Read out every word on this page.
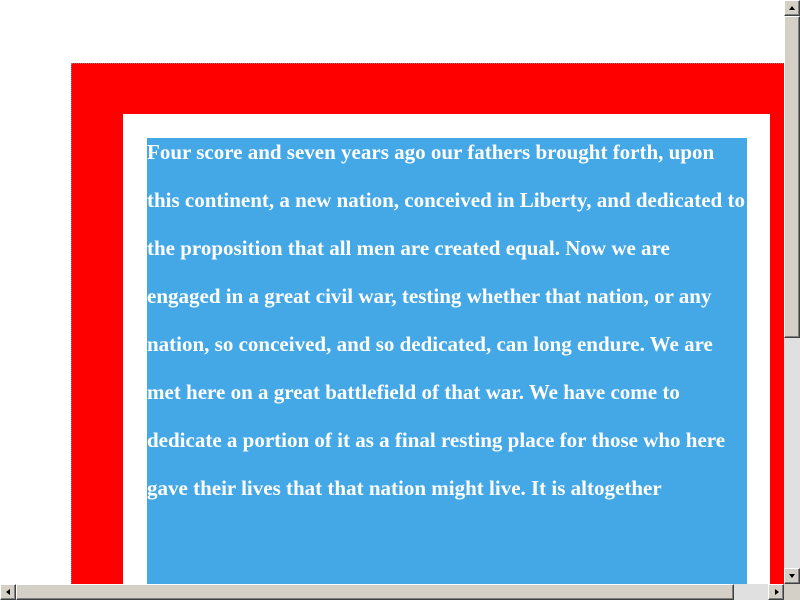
Four score and seven years ago our fathers brought forth, upon this continent, a new nation, conceived in Liberty, and dedicated to the proposition that all men are created equal. Now we are engaged in a great civil war, testing whether that nation, or any nation, so conceived, and so dedicated, can long endure. We are met here on a great battlefield of that war. We have come to dedicate a portion of it as a final resting place for those who here gave their lives that that nation might live. It is altogether
